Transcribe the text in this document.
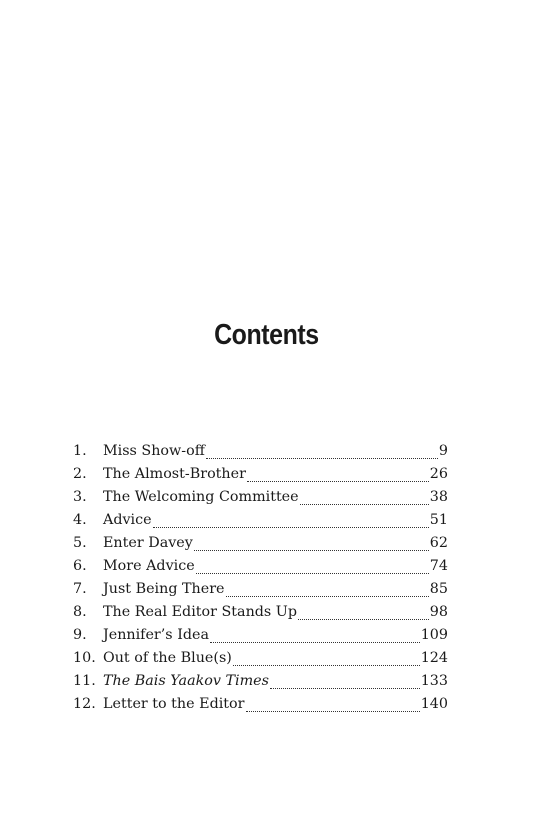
Contents
1.	Miss Show-off	9
2.	The Almost-Brother	26
3.	The Welcoming Committee	38
4.	Advice	51
5.	Enter Davey	62
6.	More Advice	74
7.	Just Being There	85
8.	The Real Editor Stands Up	98
9.	Jennifer’s Idea	109
10. Out of the Blue(s)	124
11. The Bais Yaakov Times	133
12. Letter to the Editor	140
